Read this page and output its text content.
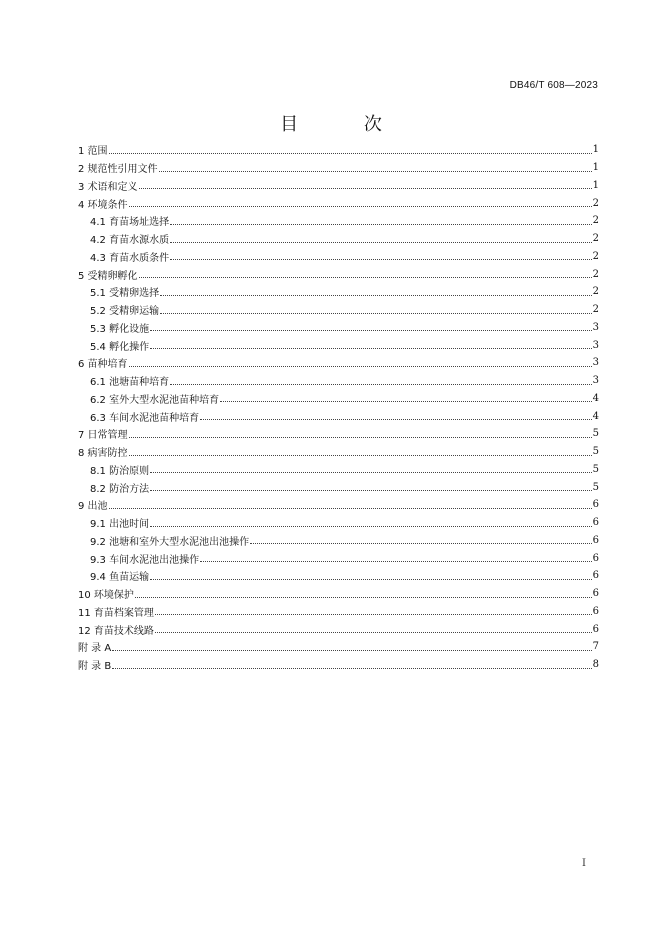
DB46/T 608—2023
目 次
1 范围	1
2 规范性引用文件	1
3 术语和定义	1
4 环境条件	2
4.1 育苗场址选择	2
4.2 育苗水源水质	2
4.3 育苗水质条件	2
5 受精卵孵化	2
5.1 受精卵选择	2
5.2 受精卵运输	2
5.3 孵化设施	3
5.4 孵化操作	3
6 苗种培育	3
6.1 池塘苗种培育	3
6.2 室外大型水泥池苗种培育	4
6.3 车间水泥池苗种培育	4
7 日常管理	5
8 病害防控	5
8.1 防治原则	5
8.2 防治方法	5
9 出池	6
9.1 出池时间	6
9.2 池塘和室外大型水泥池出池操作	6
9.3 车间水泥池出池操作	6
9.4 鱼苗运输	6
10 环境保护	6
11 育苗档案管理	6
12 育苗技术线路	6
附 录 A	7
附 录 B	8
I
